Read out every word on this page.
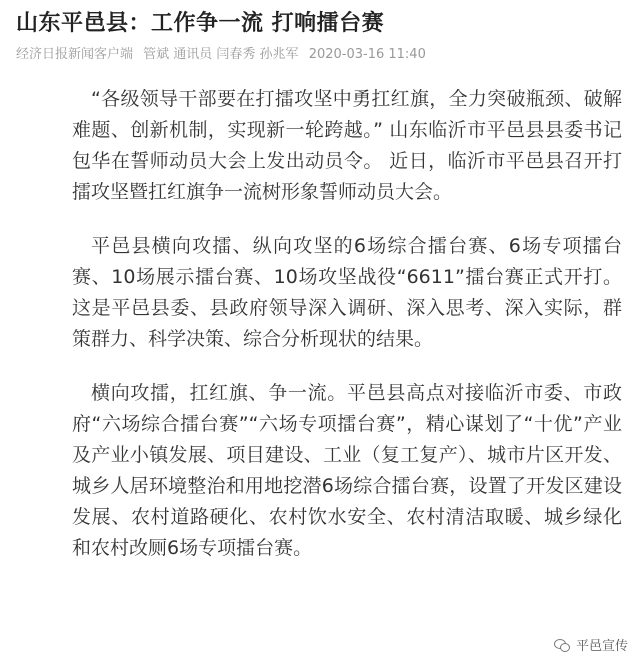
山东平邑县：工作争一流 打响擂台赛
经济日报新闻客户端 管斌 通讯员 闫春秀 孙兆军 2020-03-16 11:40

“各级领导干部要在打擂攻坚中勇扛红旗，全力突破瓶颈、破解难题、创新机制，实现新一轮跨越。” 山东临沂市平邑县县委书记包华在誓师动员大会上发出动员令。 近日，临沂市平邑县召开打擂攻坚暨扛红旗争一流树形象誓师动员大会。

平邑县横向攻擂、纵向攻坚的6场综合擂台赛、6场专项擂台赛、10场展示擂台赛、10场攻坚战役“6611”擂台赛正式开打。这是平邑县委、县政府领导深入调研、深入思考、深入实际，群策群力、科学决策、综合分析现状的结果。

横向攻擂，扛红旗、争一流。平邑县高点对接临沂市委、市政府“六场综合擂台赛”“六场专项擂台赛”，精心谋划了“十优”产业及产业小镇发展、项目建设、工业（复工复产）、城市片区开发、城乡人居环境整治和用地挖潜6场综合擂台赛，设置了开发区建设发展、农村道路硬化、农村饮水安全、农村清洁取暖、城乡绿化和农村改厕6场专项擂台赛。

平邑宣传
